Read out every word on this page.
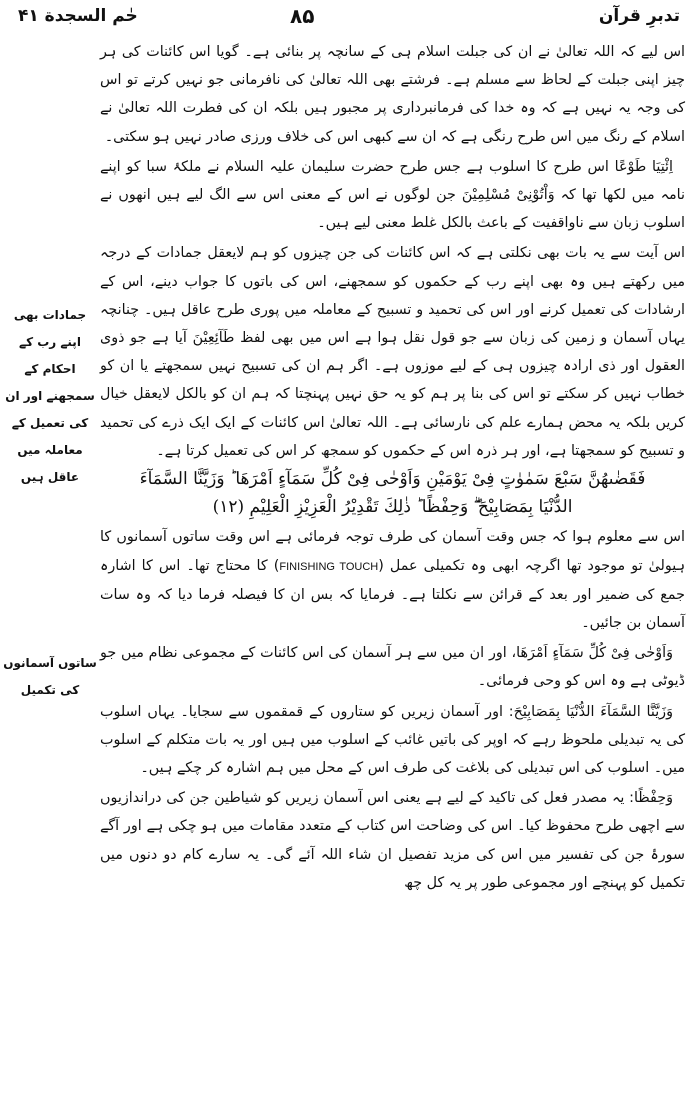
حٰم السجدة ۴۱	۸۵	تدبرِ قرآن
جمادات بھی اپنے رب کے احکام کے سمجھنے اور ان کی تعمیل کے معاملہ میں عاقل ہیں
ساتوں آسمانوں کی تکمیل

اس لیے کہ اللہ تعالیٰ نے ان کی جبلت اسلام ہی کے سانچہ پر بنائی ہے۔ گویا اس کائنات کی ہر چیز اپنی جبلت کے لحاظ سے مسلم ہے۔ فرشتے بھی اللہ تعالیٰ کی نافرمانی جو نہیں کرتے تو اس کی وجہ یہ نہیں ہے کہ وہ خدا کی فرمانبرداری پر مجبور ہیں بلکہ ان کی فطرت اللہ تعالیٰ نے اسلام کے رنگ میں اس طرح رنگی ہے کہ ان سے کبھی اس کی خلاف ورزی صادر نہیں ہو سکتی۔

اِئْتِیَا طَوْعًا اس طرح کا اسلوب ہے جس طرح حضرت سلیمان علیہ السلام نے ملکۂ سبا کو اپنے نامہ میں لکھا تھا کہ وَاْتُوْنِیْ مُسْلِمِیْنَ جن لوگوں نے اس کے معنی اس سے الگ لیے ہیں انھوں نے اسلوب زبان سے ناواقفیت کے باعث بالکل غلط معنی لیے ہیں۔

اس آیت سے یہ بات بھی نکلتی ہے کہ اس کائنات کی جن چیزوں کو ہم لایعقل جمادات کے درجہ میں رکھتے ہیں وہ بھی اپنے رب کے حکموں کو سمجھنے، اس کی باتوں کا جواب دینے، اس کے ارشادات کی تعمیل کرنے اور اس کی تحمید و تسبیح کے معاملہ میں پوری طرح عاقل ہیں۔ چنانچہ یہاں آسمان و زمین کی زبان سے جو قول نقل ہوا ہے اس میں بھی لفظ طَآئِعِیْنَ آیا ہے جو ذوی العقول اور ذی ارادہ چیزوں ہی کے لیے موزوں ہے۔ اگر ہم ان کی تسبیح نہیں سمجھتے یا ان کو خطاب نہیں کر سکتے تو اس کی بنا پر ہم کو یہ حق نہیں پہنچتا کہ ہم ان کو بالکل لایعقل خیال کریں بلکہ یہ محض ہمارے علم کی نارسائی ہے۔ اللہ تعالیٰ اس کائنات کے ایک ایک ذرے کی تحمید و تسبیح کو سمجھتا ہے، اور ہر ذرہ اس کے حکموں کو سمجھ کر اس کی تعمیل کرتا ہے۔

فَقَضٰىهُنَّ سَبْعَ سَمٰوٰتٍ فِیْ یَوْمَیْنِ وَاَوْحٰى فِیْ كُلِّ سَمَآءٍ اَمْرَهَا ؕ وَزَیَّنَّا السَّمَآءَ

الدُّنْیَا بِمَصَابِیْحَ ۖۗ وَحِفْظًا ؕ ذٰلِكَ تَقْدِیْرُ الْعَزِیْزِ الْعَلِیْمِ (۱۲)

اس سے معلوم ہوا کہ جس وقت آسمان کی طرف توجہ فرمائی ہے اس وقت ساتوں آسمانوں کا ہیولیٰ تو موجود تھا اگرچہ ابھی وہ تکمیلی عمل (FINISHING TOUCH) کا محتاج تھا۔ اس کا اشارہ جمع کی ضمیر اور بعد کے قرائن سے نکلتا ہے۔ فرمایا کہ بس ان کا فیصلہ فرما دیا کہ وہ سات آسمان بن جائیں۔

وَاَوْحٰی فِیْ كُلِّ سَمَآءٍ اَمْرَهَا، اور ان میں سے ہر آسمان کی اس کائنات کے مجموعی نظام میں جو ڈیوٹی ہے وہ اس کو وحی فرمائی۔

وَزَیَّنَّا السَّمَآءَ الدُّنْیَا بِمَصَابِیْحَ: اور آسمان زیریں کو ستاروں کے قمقموں سے سجایا۔ یہاں اسلوب کی یہ تبدیلی ملحوظ رہے کہ اوپر کی باتیں غائب کے اسلوب میں ہیں اور یہ بات متکلم کے اسلوب میں۔ اسلوب کی اس تبدیلی کی بلاغت کی طرف اس کے محل میں ہم اشارہ کر چکے ہیں۔

وَحِفْظًا: یہ مصدر فعل کی تاکید کے لیے ہے یعنی اس آسمان زیریں کو شیاطین جن کی دراندازیوں سے اچھی طرح محفوظ کیا۔ اس کی وضاحت اس کتاب کے متعدد مقامات میں ہو چکی ہے اور آگے سورۂ جن کی تفسیر میں اس کی مزید تفصیل ان شاء اللہ آئے گی۔ یہ سارے کام دو دنوں میں تکمیل کو پہنچے اور مجموعی طور پر یہ کل چھ
